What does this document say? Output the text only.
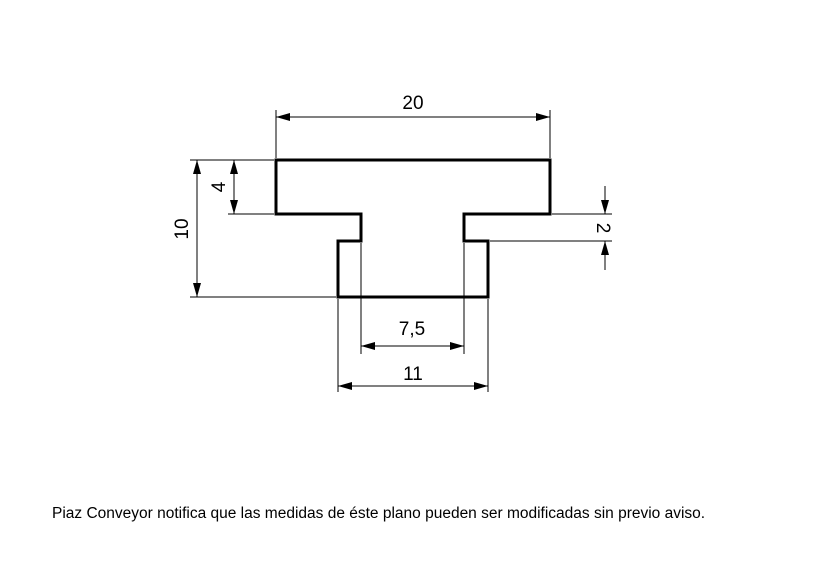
20
10
4
2
7,5
11
Piaz Conveyor notifica que las medidas de éste plano pueden ser modificadas sin previo aviso.
